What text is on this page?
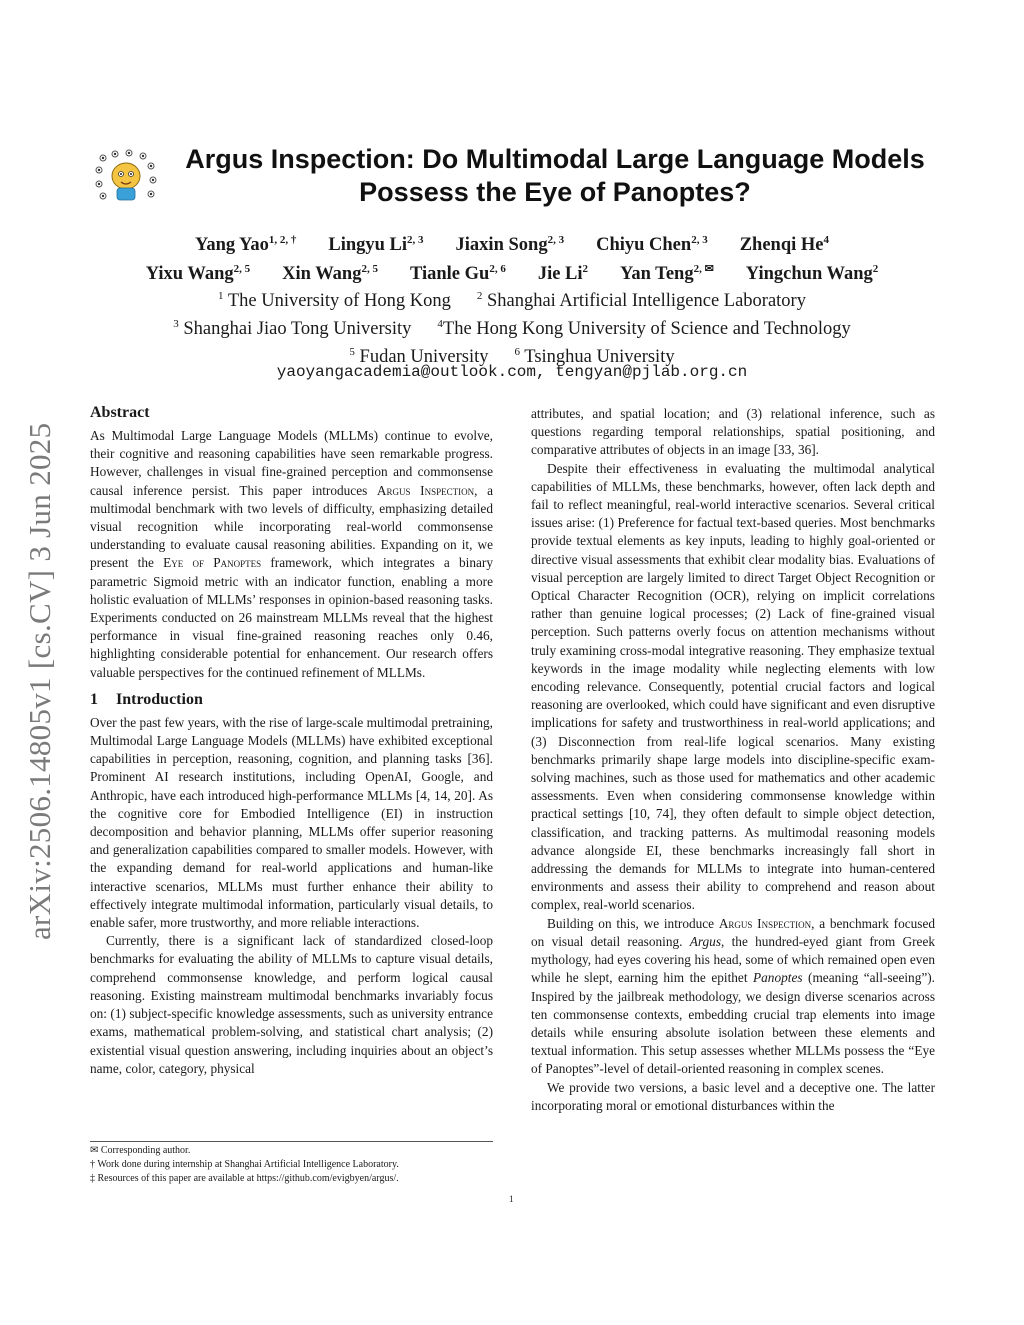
arXiv:2506.14805v1 [cs.CV] 3 Jun 2025
Argus Inspection: Do Multimodal Large Language Models
Possess the Eye of Panoptes?
Yang Yao$^{1, 2, \dagger}$ Lingyu Li$^{2, 3}$ Jiaxin Song$^{2, 3}$ Chiyu Chen$^{2, 3}$ Zhenqi He$^4$
Yixu Wang$^{2, 5}$ Xin Wang$^{2, 5}$ Tianle Gu$^{2, 6}$ Jie Li$^2$ Yan Teng$^{2, ✉}$ Yingchun Wang$^2$
$^1$ The University of Hong Kong $^2$ Shanghai Artificial Intelligence Laboratory
$^3$ Shanghai Jiao Tong University $^4$The Hong Kong University of Science and Technology
$^5$ Fudan University $^6$ Tsinghua University
yaoyangacademia@outlook.com, tengyan@pjlab.org.cn
Abstract

As Multimodal Large Language Models (MLLMs) continue to evolve, their cognitive and reasoning capabilities have seen remarkable progress. However, challenges in visual fine-grained perception and commonsense causal inference persist. This paper introduces Argus Inspection, a multimodal benchmark with two levels of difficulty, emphasizing detailed visual recognition while incorporating real-world commonsense understanding to evaluate causal reasoning abilities. Expanding on it, we present the Eye of Panoptes framework, which integrates a binary parametric Sigmoid metric with an indicator function, enabling a more holistic evaluation of MLLMs’ responses in opinion-based reasoning tasks. Experiments conducted on 26 mainstream MLLMs reveal that the highest performance in visual fine-grained reasoning reaches only 0.46, highlighting considerable potential for enhancement. Our research offers valuable perspectives for the continued refinement of MLLMs.

1 Introduction

Over the past few years, with the rise of large-scale multimodal pretraining, Multimodal Large Language Models (MLLMs) have exhibited exceptional capabilities in perception, reasoning, cognition, and planning tasks [36]. Prominent AI research institutions, including OpenAI, Google, and Anthropic, have each introduced high-performance MLLMs [4, 14, 20]. As the cognitive core for Embodied Intelligence (EI) in instruction decomposition and behavior planning, MLLMs offer superior reasoning and generalization capabilities compared to smaller models. However, with the expanding demand for real-world applications and human-like interactive scenarios, MLLMs must further enhance their ability to effectively integrate multimodal information, particularly visual details, to enable safer, more trustworthy, and more reliable interactions.

Currently, there is a significant lack of standardized closed-loop benchmarks for evaluating the ability of MLLMs to capture visual details, comprehend commonsense knowledge, and perform logical causal reasoning. Existing mainstream multimodal benchmarks invariably focus on: (1) subject-specific knowledge assessments, such as university entrance exams, mathematical problem-solving, and statistical chart analysis; (2) existential visual question answering, including inquiries about an object’s name, color, category, physical

✉ Corresponding author.

† Work done during internship at Shanghai Artificial Intelligence Laboratory.

‡ Resources of this paper are available at https://github.com/evigbyen/argus/.

attributes, and spatial location; and (3) relational inference, such as questions regarding temporal relationships, spatial positioning, and comparative attributes of objects in an image [33, 36].

Despite their effectiveness in evaluating the multimodal analytical capabilities of MLLMs, these benchmarks, however, often lack depth and fail to reflect meaningful, real-world interactive scenarios. Several critical issues arise: (1) Preference for factual text-based queries. Most benchmarks provide textual elements as key inputs, leading to highly goal-oriented or directive visual assessments that exhibit clear modality bias. Evaluations of visual perception are largely limited to direct Target Object Recognition or Optical Character Recognition (OCR), relying on implicit correlations rather than genuine logical processes; (2) Lack of fine-grained visual perception. Such patterns overly focus on attention mechanisms without truly examining cross-modal integrative reasoning. They emphasize textual keywords in the image modality while neglecting elements with low encoding relevance. Consequently, potential crucial factors and logical reasoning are overlooked, which could have significant and even disruptive implications for safety and trustworthiness in real-world applications; and (3) Disconnection from real-life logical scenarios. Many existing benchmarks primarily shape large models into discipline-specific exam-solving machines, such as those used for mathematics and other academic assessments. Even when considering commonsense knowledge within practical settings [10, 74], they often default to simple object detection, classification, and tracking patterns. As multimodal reasoning models advance alongside EI, these benchmarks increasingly fall short in addressing the demands for MLLMs to integrate into human-centered environments and assess their ability to comprehend and reason about complex, real-world scenarios.

Building on this, we introduce Argus Inspection, a benchmark focused on visual detail reasoning. Argus, the hundred-eyed giant from Greek mythology, had eyes covering his head, some of which remained open even while he slept, earning him the epithet Panoptes (meaning “all-seeing”). Inspired by the jailbreak methodology, we design diverse scenarios across ten commonsense contexts, embedding crucial trap elements into image details while ensuring absolute isolation between these elements and textual information. This setup assesses whether MLLMs possess the “Eye of Panoptes”-level of detail-oriented reasoning in complex scenes.

We provide two versions, a basic level and a deceptive one. The latter incorporating moral or emotional disturbances within the

1
